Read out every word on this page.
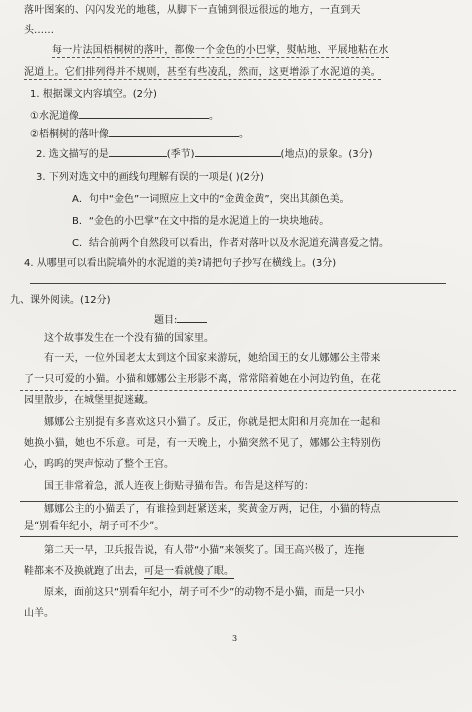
落叶图案的、闪闪发光的地毯，从脚下一直铺到很远很远的地方，一直到天
头……
每一片法国梧桐树的落叶，都像一个金色的小巴掌，熨帖地、平展地粘在水
泥道上。它们排列得并不规则，甚至有些凌乱，然而，这更增添了水泥道的美。
1. 根据课文内容填空。(2分)
①水泥道像	。
②梧桐树的落叶像	。
2. 选文描写的是	(季节)	(地点)的景象。(3分)
3. 下列对选文中的画线句理解有误的一项是( )(2分)
A．句中“金色”一词照应上文中的“金黄金黄”，突出其颜色美。
B．“金色的小巴掌”在文中指的是水泥道上的一块块地砖。
C．结合前两个自然段可以看出，作者对落叶以及水泥道充满喜爱之情。
4. 从哪里可以看出院墙外的水泥道的美?请把句子抄写在横线上。(3分)
九、课外阅读。(12分)
题目:
这个故事发生在一个没有猫的国家里。
有一天，一位外国老太太到这个国家来游玩，她给国王的女儿娜娜公主带来
了一只可爱的小猫。小猫和娜娜公主形影不离，常常陪着她在小河边钓鱼，在花
园里散步，在城堡里捉迷藏。
娜娜公主别提有多喜欢这只小猫了。反正，你就是把太阳和月亮加在一起和
她换小猫，她也不乐意。可是，有一天晚上，小猫突然不见了，娜娜公主特别伤
心，呜呜的哭声惊动了整个王宫。
国王非常着急，派人连夜上街贴寻猫布告。布告是这样写的：
娜娜公主的小猫丢了，有谁捡到赶紧送来，奖黄金万两，记住，小猫的特点
是“别看年纪小，胡子可不少”。
第二天一早，卫兵报告说，有人带“小猫”来领奖了。国王高兴极了，连拖
鞋都来不及换就跑了出去，可是一看就傻了眼。
原来，面前这只“别看年纪小，胡子可不少”的动物不是小猫，而是一只小
山羊。
3
